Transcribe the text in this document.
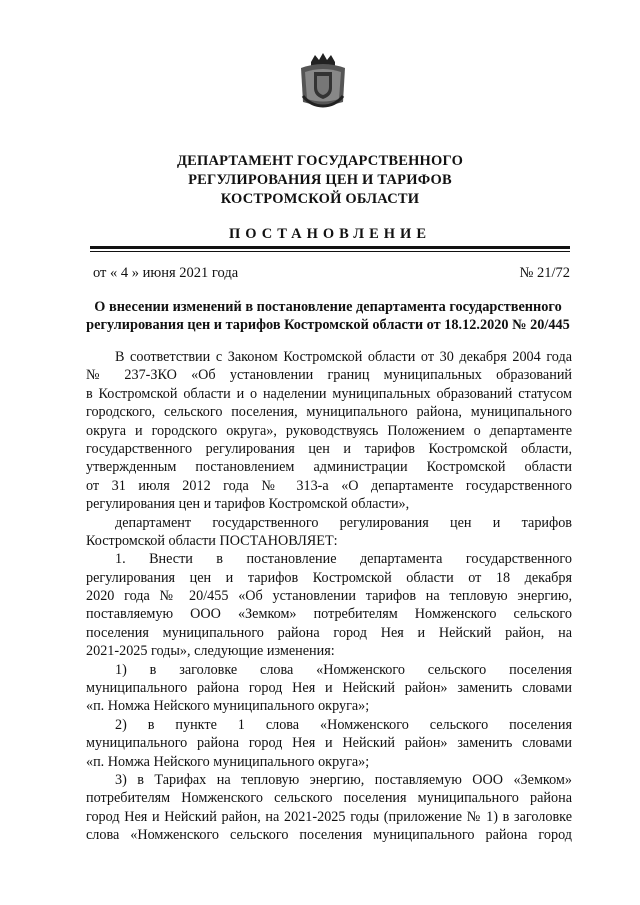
ДЕПАРТАМЕНТ ГОСУДАРСТВЕННОГО
РЕГУЛИРОВАНИЯ ЦЕН И ТАРИФОВ
КОСТРОМСКОЙ ОБЛАСТИ
ПОСТАНОВЛЕНИЕ
от « 4 » июня 2021 года	№ 21/72
О внесении изменений в постановление департамента государственного
регулирования цен и тарифов Костромской области от 18.12.2020 № 20/445
В соответствии с Законом Костромской области от 30 декабря 2004 года
№ 237-ЗКО «Об установлении границ муниципальных образований
в Костромской области и о наделении муниципальных образований статусом
городского, сельского поселения, муниципального района, муниципального
округа и городского округа», руководствуясь Положением о департаменте
государственного регулирования цен и тарифов Костромской области,
утвержденным постановлением администрации Костромской области
от 31 июля 2012 года № 313-а «О департаменте государственного
регулирования цен и тарифов Костромской области»,
департамент государственного регулирования цен и тарифов
Костромской области ПОСТАНОВЛЯЕТ:
1. Внести в постановление департамента государственного
регулирования цен и тарифов Костромской области от 18 декабря
2020 года № 20/455 «Об установлении тарифов на тепловую энергию,
поставляемую ООО «Земком» потребителям Номженского сельского
поселения муниципального района город Нея и Нейский район, на
2021-2025 годы», следующие изменения:
1) в заголовке слова «Номженского сельского поселения
муниципального района город Нея и Нейский район» заменить словами
«п. Номжа Нейского муниципального округа»;
2) в пункте 1 слова «Номженского сельского поселения
муниципального района город Нея и Нейский район» заменить словами
«п. Номжа Нейского муниципального округа»;
3) в Тарифах на тепловую энергию, поставляемую ООО «Земком»
потребителям Номженского сельского поселения муниципального района
город Нея и Нейский район, на 2021-2025 годы (приложение № 1) в заголовке
слова «Номженского сельского поселения муниципального района город
